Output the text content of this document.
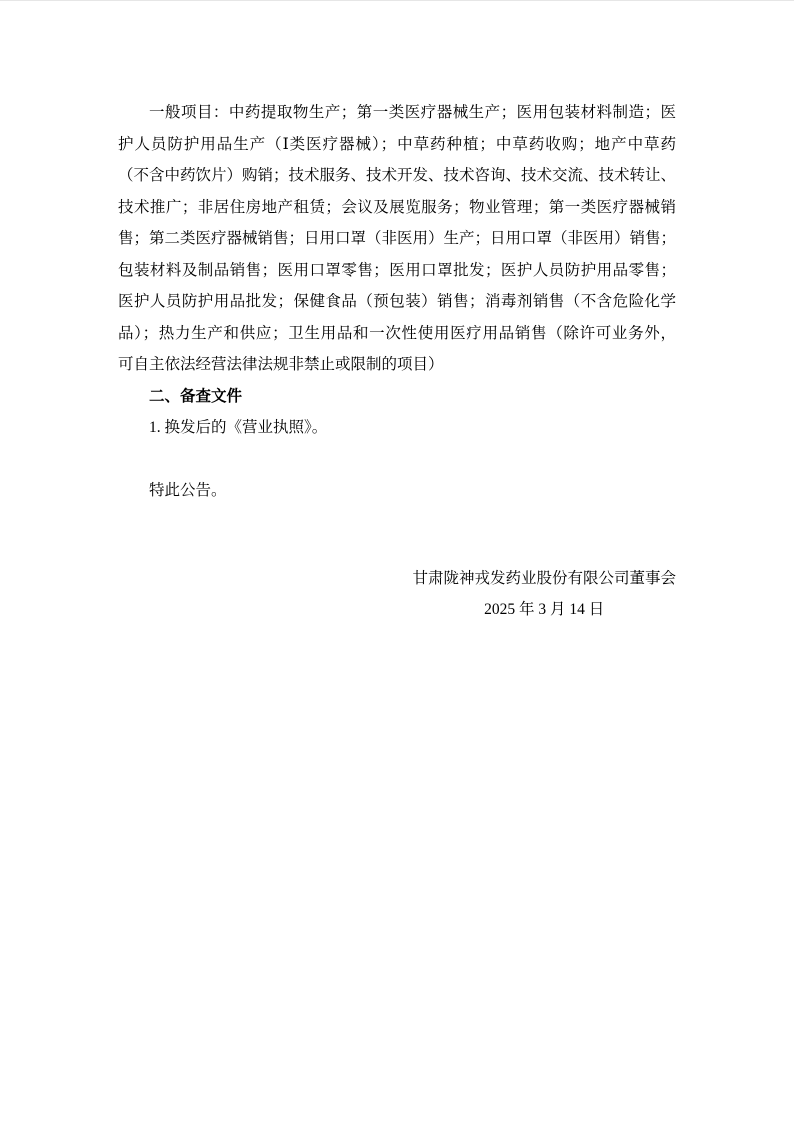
一般项目：中药提取物生产；第一类医疗器械生产；医用包装材料制造；医
护人员防护用品生产（Ⅰ类医疗器械）；中草药种植；中草药收购；地产中草药
（不含中药饮片）购销；技术服务、技术开发、技术咨询、技术交流、技术转让、
技术推广；非居住房地产租赁；会议及展览服务；物业管理；第一类医疗器械销
售；第二类医疗器械销售；日用口罩（非医用）生产；日用口罩（非医用）销售；
包装材料及制品销售；医用口罩零售；医用口罩批发；医护人员防护用品零售；
医护人员防护用品批发；保健食品（预包装）销售；消毒剂销售（不含危险化学
品）；热力生产和供应；卫生用品和一次性使用医疗用品销售（除许可业务外，
可自主依法经营法律法规非禁止或限制的项目）
二、备查文件
1. 换发后的《营业执照》。
特此公告。
甘肃陇神戎发药业股份有限公司董事会
2025 年 3 月 14 日
